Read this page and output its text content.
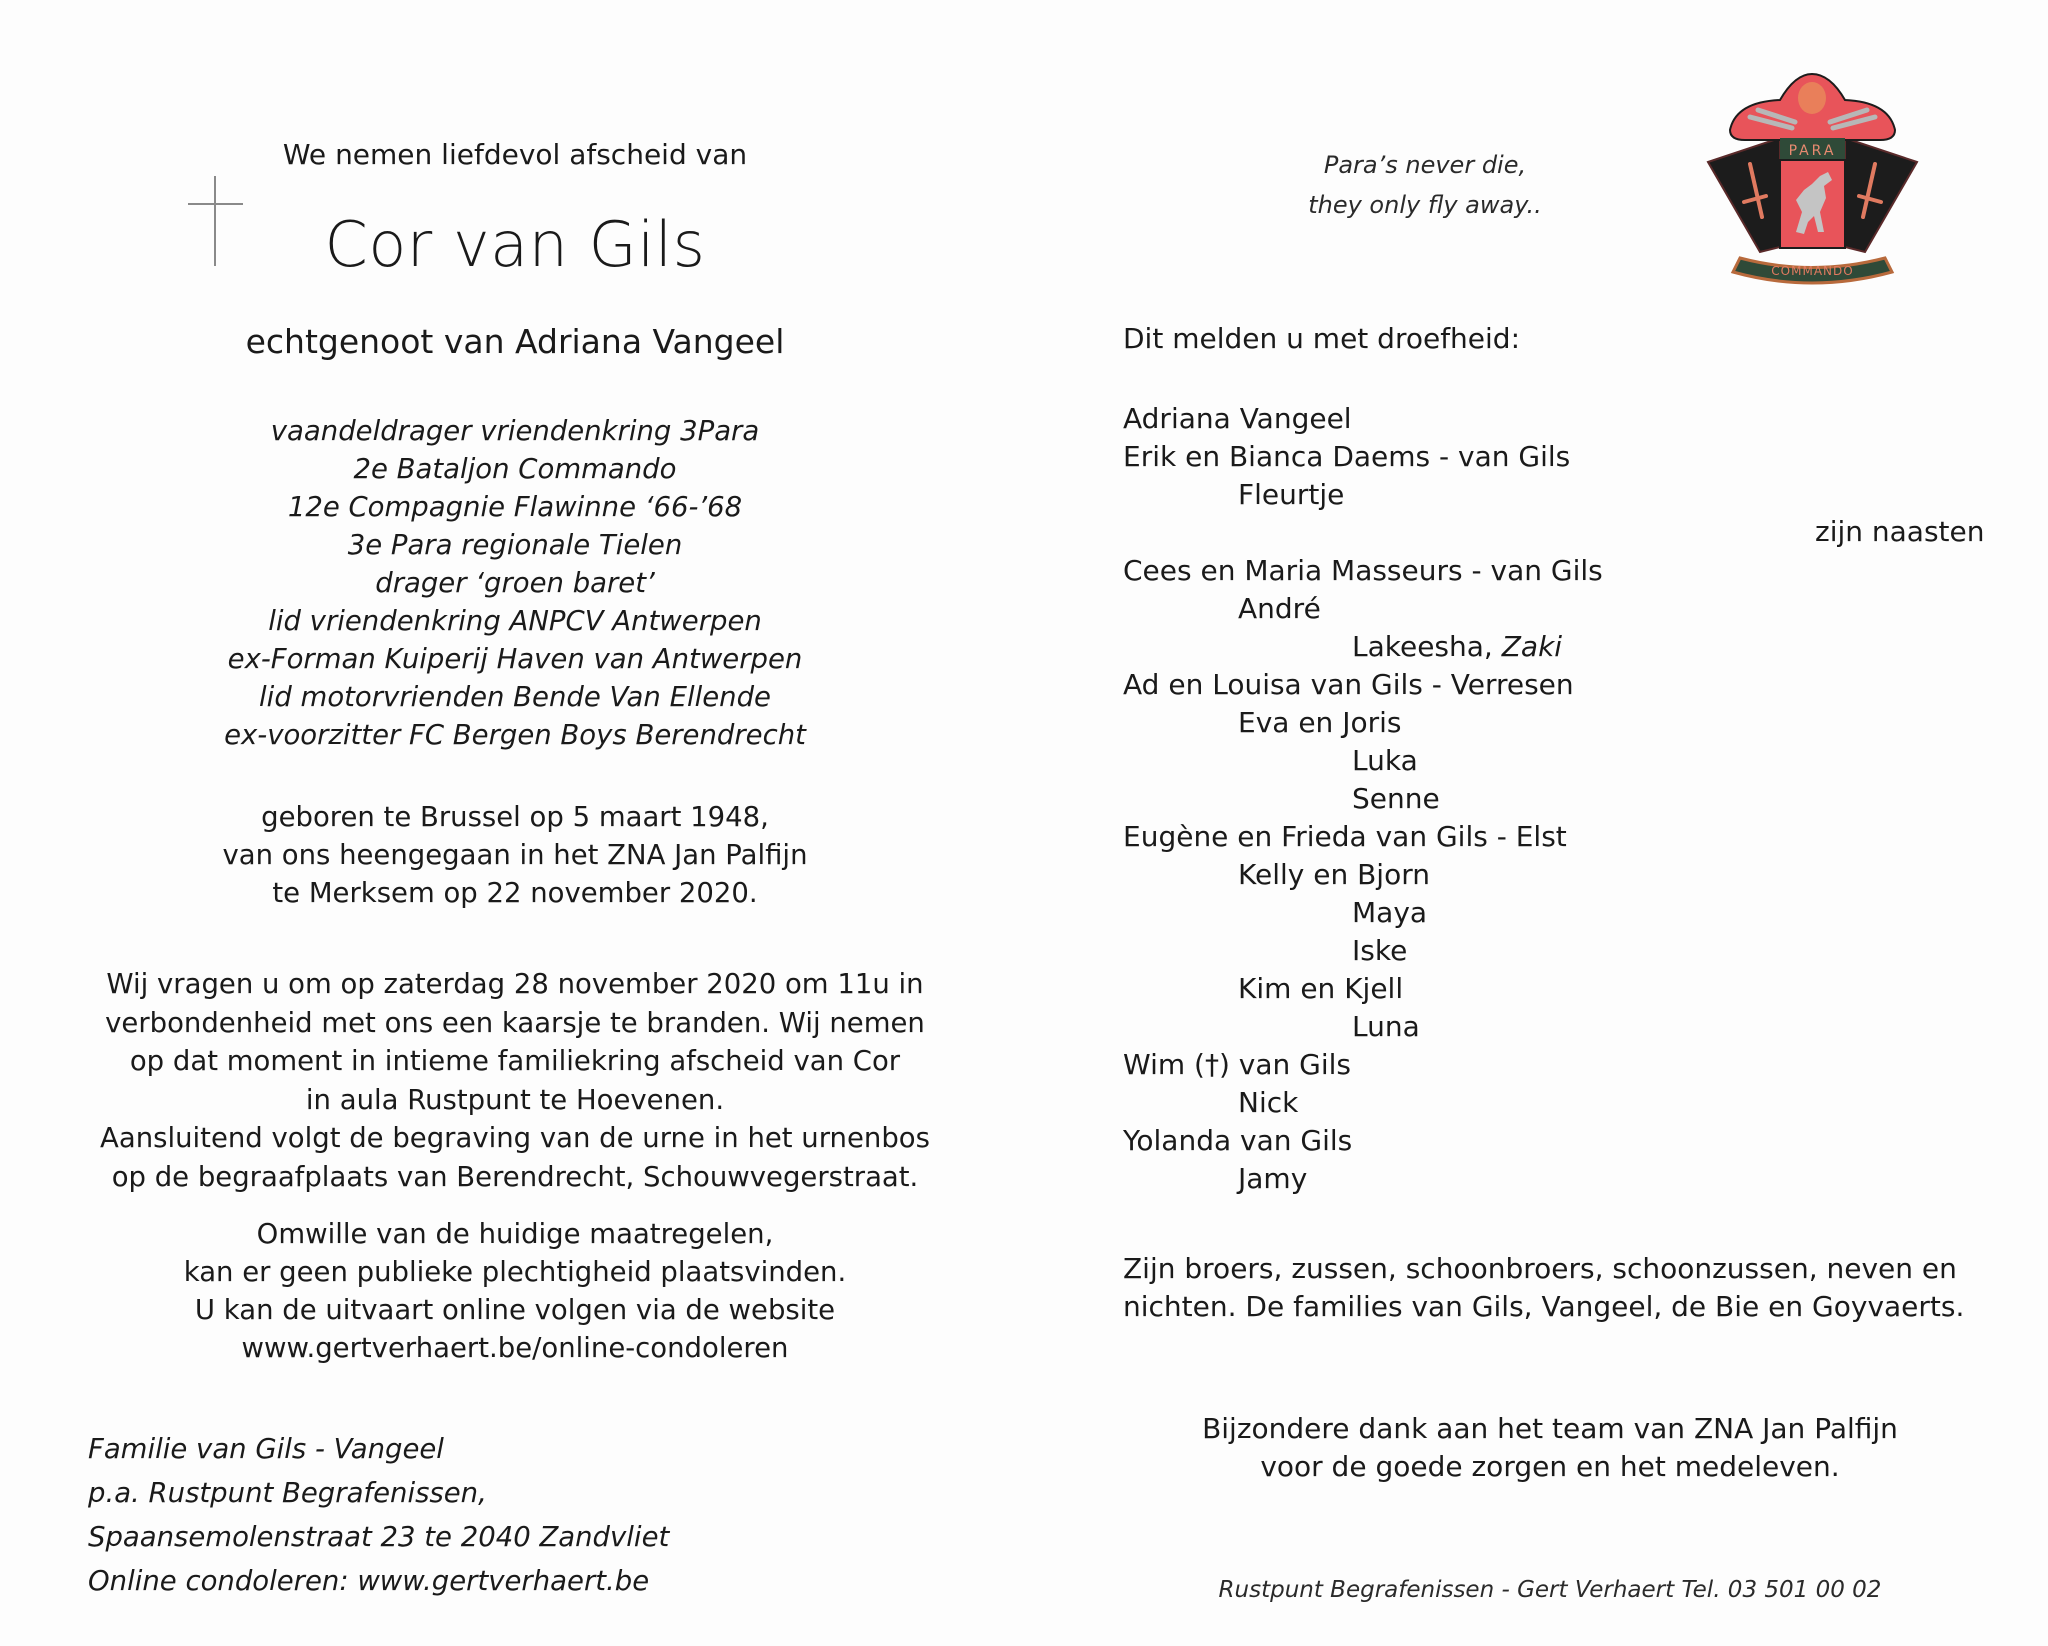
We nemen liefdevol afscheid van
Cor van Gils
echtgenoot van Adriana Vangeel
vaandeldrager vriendenkring 3Para
2e Bataljon Commando
12e Compagnie Flawinne ‘66-’68
3e Para regionale Tielen
drager ‘groen baret’
lid vriendenkring ANPCV Antwerpen
ex-Forman Kuiperij Haven van Antwerpen
lid motorvrienden Bende Van Ellende
ex-voorzitter FC Bergen Boys Berendrecht
geboren te Brussel op 5 maart 1948,
van ons heengegaan in het ZNA Jan Palfijn
te Merksem op 22 november 2020.
Wij vragen u om op zaterdag 28 november 2020 om 11u in
verbondenheid met ons een kaarsje te branden. Wij nemen
op dat moment in intieme familiekring afscheid van Cor
in aula Rustpunt te Hoevenen.
Aansluitend volgt de begraving van de urne in het urnenbos
op de begraafplaats van Berendrecht, Schouwvegerstraat.
Omwille van de huidige maatregelen,
kan er geen publieke plechtigheid plaatsvinden.
U kan de uitvaart online volgen via de website
www.gertverhaert.be/online-condoleren
Familie van Gils - Vangeel
p.a. Rustpunt Begrafenissen,
Spaansemolenstraat 23 te 2040 Zandvliet
Online condoleren: www.gertverhaert.be
Para’s never die,
they only fly away..
PARA
COMMANDO
Dit melden u met droefheid:
Adriana Vangeel
Erik en Bianca Daems - van Gils
Fleurtje
Cees en Maria Masseurs - van Gils
André
Lakeesha, Zaki
Ad en Louisa van Gils - Verresen
Eva en Joris
Luka
Senne
Eugène en Frieda van Gils - Elst
Kelly en Bjorn
Maya
Iske
Kim en Kjell
Luna
Wim (†) van Gils
Nick
Yolanda van Gils
Jamy
zijn naasten
Zijn broers, zussen, schoonbroers, schoonzussen, neven en
nichten. De families van Gils, Vangeel, de Bie en Goyvaerts.
Bijzondere dank aan het team van ZNA Jan Palfijn
voor de goede zorgen en het medeleven.
Rustpunt Begrafenissen - Gert Verhaert Tel. 03 501 00 02
